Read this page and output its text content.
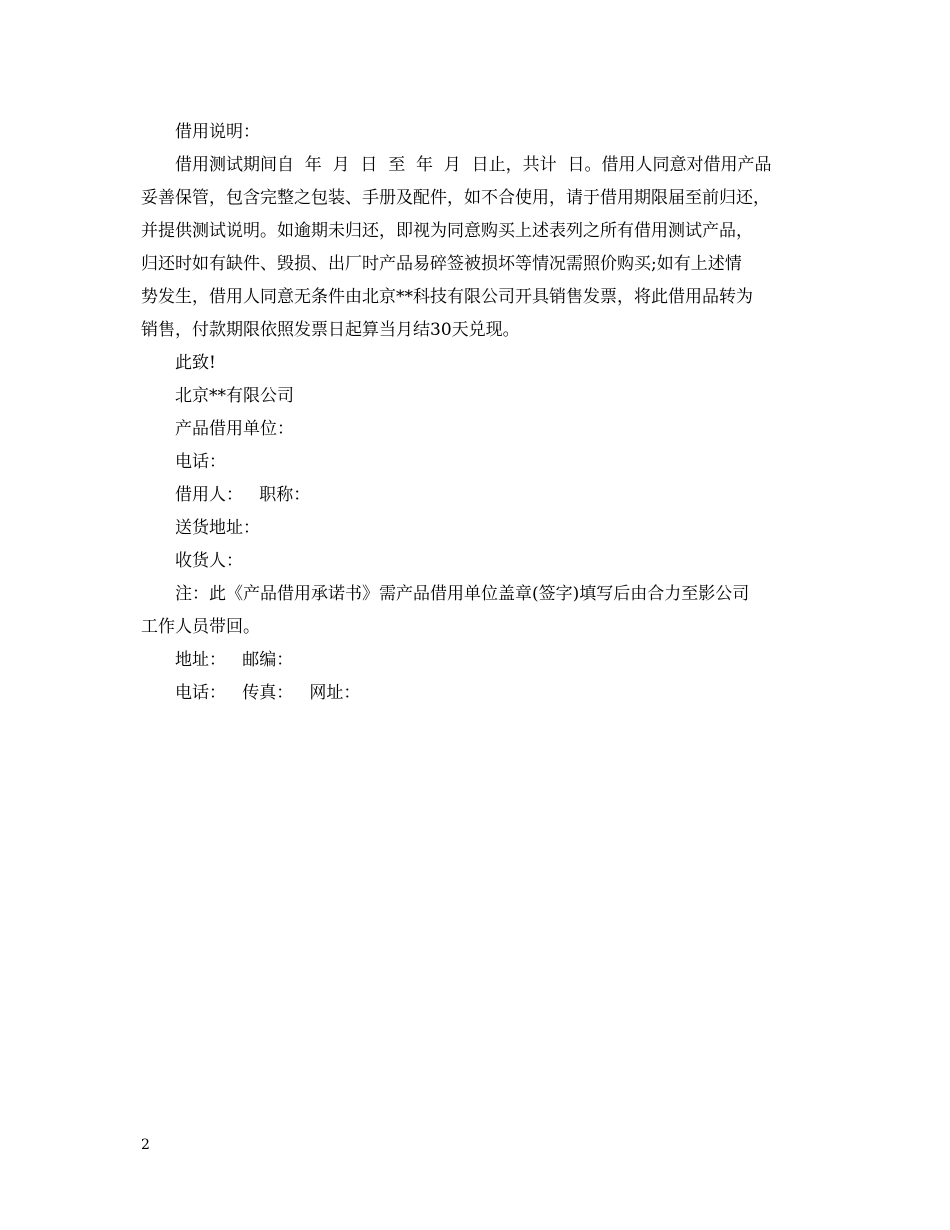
借用说明：

借用测试期间自  年  月  日  至  年  月  日止，共计  日。借用人同意对借用产品

妥善保管，包含完整之包装、手册及配件，如不合使用，请于借用期限届至前归还，

并提供测试说明。如逾期未归还，即视为同意购买上述表列之所有借用测试产品，

归还时如有缺件、毁损、出厂时产品易碎签被损坏等情况需照价购买;如有上述情

势发生，借用人同意无条件由北京**科技有限公司开具销售发票，将此借用品转为

销售，付款期限依照发票日起算当月结30天兑现。

此致!

北京**有限公司

产品借用单位：

电话：

借用人：   职称：

送货地址：

收货人：

注：此《产品借用承诺书》需产品借用单位盖章(签字)填写后由合力至影公司

工作人员带回。

地址：   邮编：

电话：   传真：   网址：

2
